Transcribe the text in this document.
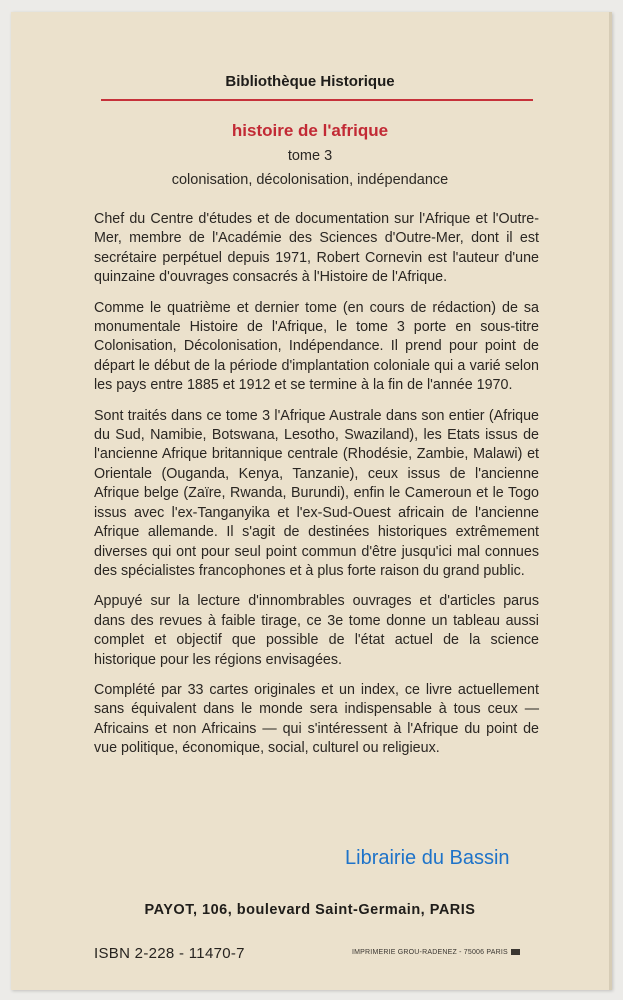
Bibliothèque Historique
histoire de l'afrique
tome 3
colonisation, décolonisation, indépendance

Chef du Centre d'études et de documentation sur l'Afrique et l'Outre-Mer, membre de l'Académie des Sciences d'Outre-Mer, dont il est secrétaire perpétuel depuis 1971, Robert Cornevin est l'auteur d'une quinzaine d'ouvrages consacrés à l'Histoire de l'Afrique.

Comme le quatrième et dernier tome (en cours de rédaction) de sa monumentale Histoire de l'Afrique, le tome 3 porte en sous-titre Colonisation, Décolonisation, Indépendance. Il prend pour point de départ le début de la période d'implantation coloniale qui a varié selon les pays entre 1885 et 1912 et se termine à la fin de l'année 1970.

Sont traités dans ce tome 3 l'Afrique Australe dans son entier (Afrique du Sud, Namibie, Botswana, Lesotho, Swaziland), les Etats issus de l'ancienne Afrique britannique centrale (Rhodésie, Zambie, Malawi) et Orientale (Ouganda, Kenya, Tanzanie), ceux issus de l'ancienne Afrique belge (Zaïre, Rwanda, Burundi), enfin le Cameroun et le Togo issus avec l'ex-Tanganyika et l'ex-Sud-Ouest africain de l'ancienne Afrique allemande. Il s'agit de destinées historiques extrêmement diverses qui ont pour seul point commun d'être jusqu'ici mal connues des spécialistes francophones et à plus forte raison du grand public.

Appuyé sur la lecture d'innombrables ouvrages et d'articles parus dans des revues à faible tirage, ce 3e tome donne un tableau aussi complet et objectif que possible de l'état actuel de la science historique pour les régions envisagées.

Complété par 33 cartes originales et un index, ce livre actuellement sans équivalent dans le monde sera indispensable à tous ceux — Africains et non Africains — qui s'intéressent à l'Afrique du point de vue politique, économique, social, culturel ou religieux.

Librairie du Bassin
PAYOT, 106, boulevard Saint-Germain, PARIS
ISBN 2-228 - 11470-7	IMPRIMERIE GROU-RADENEZ - 75006 PARIS
